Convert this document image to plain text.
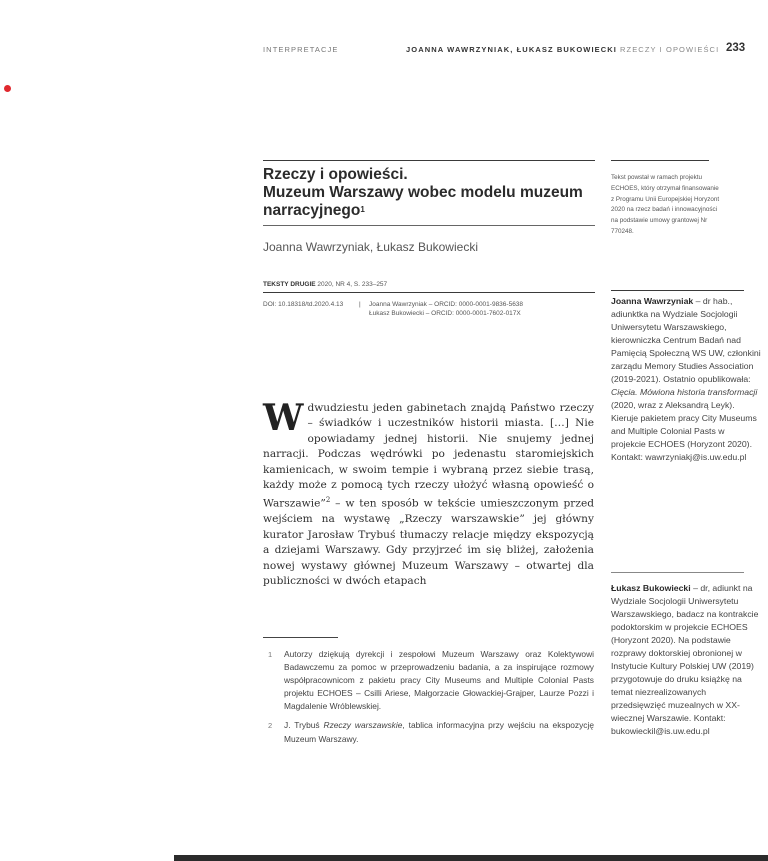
INTERPRETACJE	JOANNA WAWRZYNIAK, ŁUKASZ BUKOWIECKI RZECZY I OPOWIEŚCI 233
Rzeczy i opowieści.
Muzeum Warszawy wobec modelu muzeum narracyjnego$^1$
Joanna Wawrzyniak, Łukasz Bukowiecki
TEKSTY DRUGIE 2020, NR 4, S. 233–257
DOI: 10.18318/td.2020.4.13 | Joanna Wawrzyniak – ORCID: 0000-0001-9836-5638
Łukasz Bukowiecki – ORCID: 0000-0001-7602-017X
Tekst powstał w ramach projektu ECHOES, który otrzymał finansowanie z Programu Unii Europejskiej Horyzont 2020 na rzecz badań i innowacyjności na podstawie umowy grantowej Nr 770248.
Joanna Wawrzyniak – dr hab., adiunktka na Wydziale Socjologii Uniwersytetu Warszawskiego, kierowniczka Centrum Badań nad Pamięcią Społeczną WS UW, członkini zarządu Memory Studies Association (2019-2021). Ostatnio opublikowała: Cięcia. Mówiona historia transformacji (2020, wraz z Aleksandrą Leyk). Kieruje pakietem pracy City Museums and Multiple Colonial Pasts w projekcie ECHOES (Horyzont 2020). Kontakt: wawrzyniakj@is.uw.edu.pl
Łukasz Bukowiecki – dr, adiunkt na Wydziale Socjologii Uniwersytetu Warszawskiego, badacz na kontrakcie podoktorskim w projekcie ECHOES (Horyzont 2020). Na podstawie rozprawy doktorskiej obronionej w Instytucie Kultury Polskiej UW (2019) przygotowuje do druku książkę na temat niezrealizowanych przedsięwzięć muzealnych w XX-wiecznej Warszawie. Kontakt: bukowieckil@is.uw.edu.pl
W dwudziestu jeden gabinetach znajdą Państwo rzeczy – świadków i uczestników historii miasta. […] Nie opowiadamy jednej historii. Nie snujemy jednej narracji. Podczas wędrówki po jedenastu staromiejskich kamienicach, w swoim tempie i wybraną przez siebie trasą, każdy może z pomocą tych rzeczy ułożyć własną opowieść o Warszawie”$^2$ – w ten sposób w tekście umieszczonym przed wejściem na wystawę „Rzeczy warszawskie” jej główny kurator Jarosław Trybuś tłumaczy relacje między ekspozycją a dziejami Warszawy. Gdy przyjrzeć im się bliżej, założenia nowej wystawy głównej Muzeum Warszawy – otwartej dla publiczności w dwóch etapach
1 Autorzy dziękują dyrekcji i zespołowi Muzeum Warszawy oraz Kolektywowi Badawczemu za pomoc w przeprowadzeniu badania, a za inspirujące rozmowy współpracownicom z pakietu pracy City Museums and Multiple Colonial Pasts projektu ECHOES – Csilli Ariese, Małgorzacie Głowackiej-Grajper, Laurze Pozzi i Magdalenie Wróblewskiej.
2 J. Trybuś Rzeczy warszawskie, tablica informacyjna przy wejściu na ekspozycję Muzeum Warszawy.
